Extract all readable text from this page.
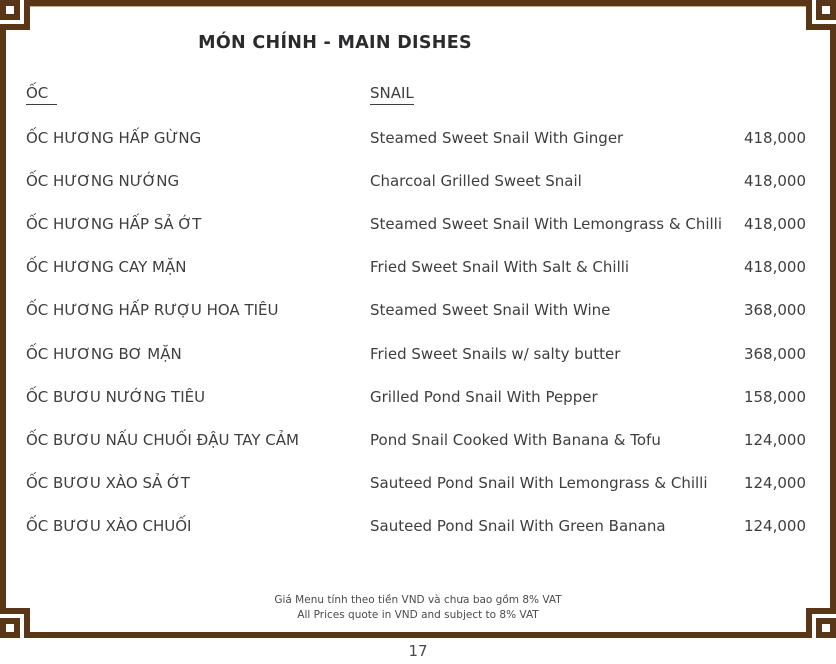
MÓN CHÍNH - MAIN DISHES
ỐC	SNAIL
ỐC HƯƠNG HẤP GỪNG	Steamed Sweet Snail With Ginger	418,000
ỐC HƯƠNG NƯỚNG	Charcoal Grilled Sweet Snail	418,000
ỐC HƯƠNG HẤP SẢ ỚT	Steamed Sweet Snail With Lemongrass & Chilli	418,000
ỐC HƯƠNG CAY MẶN	Fried Sweet Snail With Salt & Chilli	418,000
ỐC HƯƠNG HẤP RƯỢU HOA TIÊU	Steamed Sweet Snail With Wine	368,000
ỐC HƯƠNG BƠ MẶN	Fried Sweet Snails w/ salty butter	368,000
ỐC BƯƠU NƯỚNG TIÊU	Grilled Pond Snail With Pepper	158,000
ỐC BƯƠU NẤU CHUỐI ĐẬU TAY CẢM	Pond Snail Cooked With Banana & Tofu	124,000
ỐC BƯƠU XÀO SẢ ỚT	Sauteed Pond Snail With Lemongrass & Chilli	124,000
ỐC BƯƠU XÀO CHUỐI	Sauteed Pond Snail With Green Banana	124,000
Giá Menu tính theo tiền VND và chưa bao gồm 8% VAT
All Prices quote in VND and subject to 8% VAT
17
